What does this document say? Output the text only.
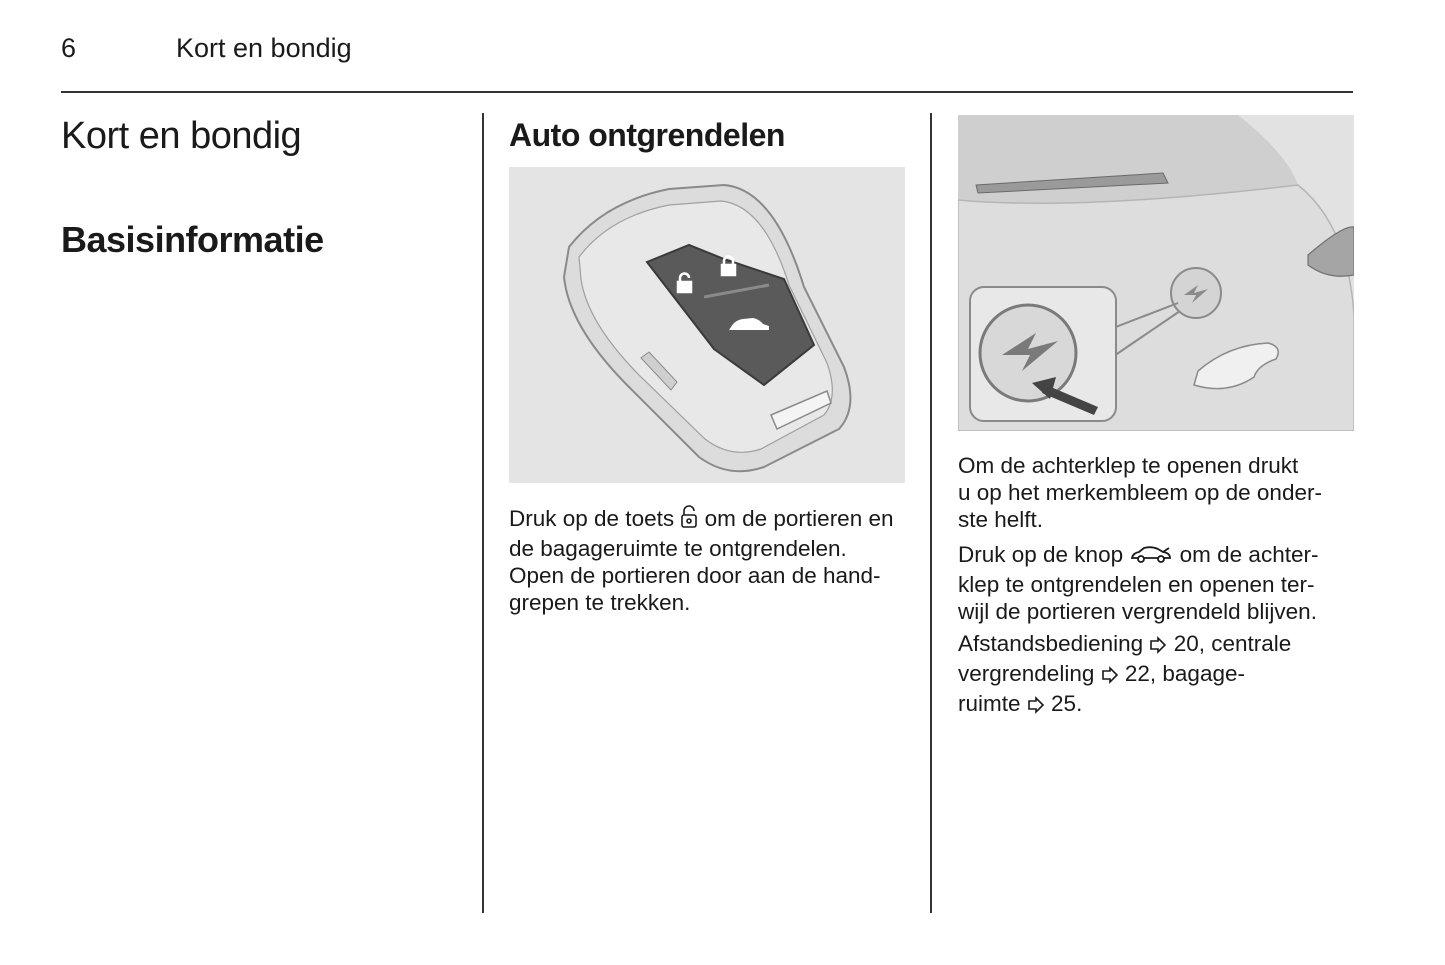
6	Kort en bondig
Kort en bondig
Basisinformatie
Auto ontgrendelen

Druk op de toets om de portieren en
de bagageruimte te ontgrendelen.
Open de portieren door aan de hand-
grepen te trekken.

Om de achterklep te openen drukt
u op het merkembleem op de onder-
ste helft.

Druk op de knop	om de achter-
klep te ontgrendelen en openen ter-
wijl de portieren vergrendeld blijven.

Afstandsbediening 20, centrale
vergrendeling 22, bagage-
ruimte 25.
